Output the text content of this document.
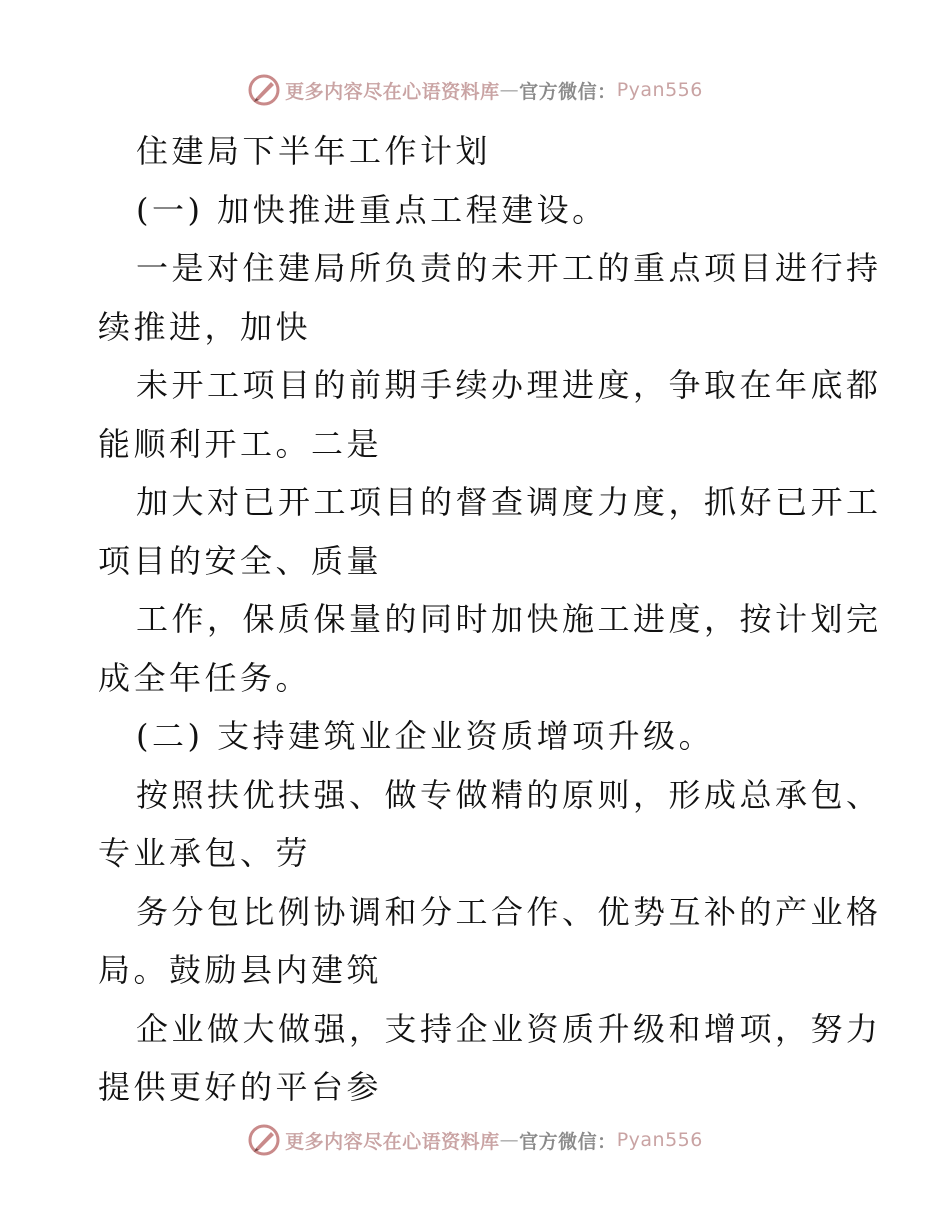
更多内容尽在心语资料库 — 官方微信： Pyan556
住建局下半年工作计划
(一) 加快推进重点工程建设。
一是对住建局所负责的未开工的重点项目进行持
续推进，加快
未开工项目的前期手续办理进度，争取在年底都
能顺利开工。二是
加大对已开工项目的督查调度力度，抓好已开工
项目的安全、质量
工作，保质保量的同时加快施工进度，按计划完
成全年任务。
(二) 支持建筑业企业资质增项升级。
按照扶优扶强、做专做精的原则，形成总承包、
专业承包、劳
务分包比例协调和分工合作、优势互补的产业格
局。鼓励县内建筑
企业做大做强，支持企业资质升级和增项，努力
提供更好的平台参
更多内容尽在心语资料库 — 官方微信： Pyan556
